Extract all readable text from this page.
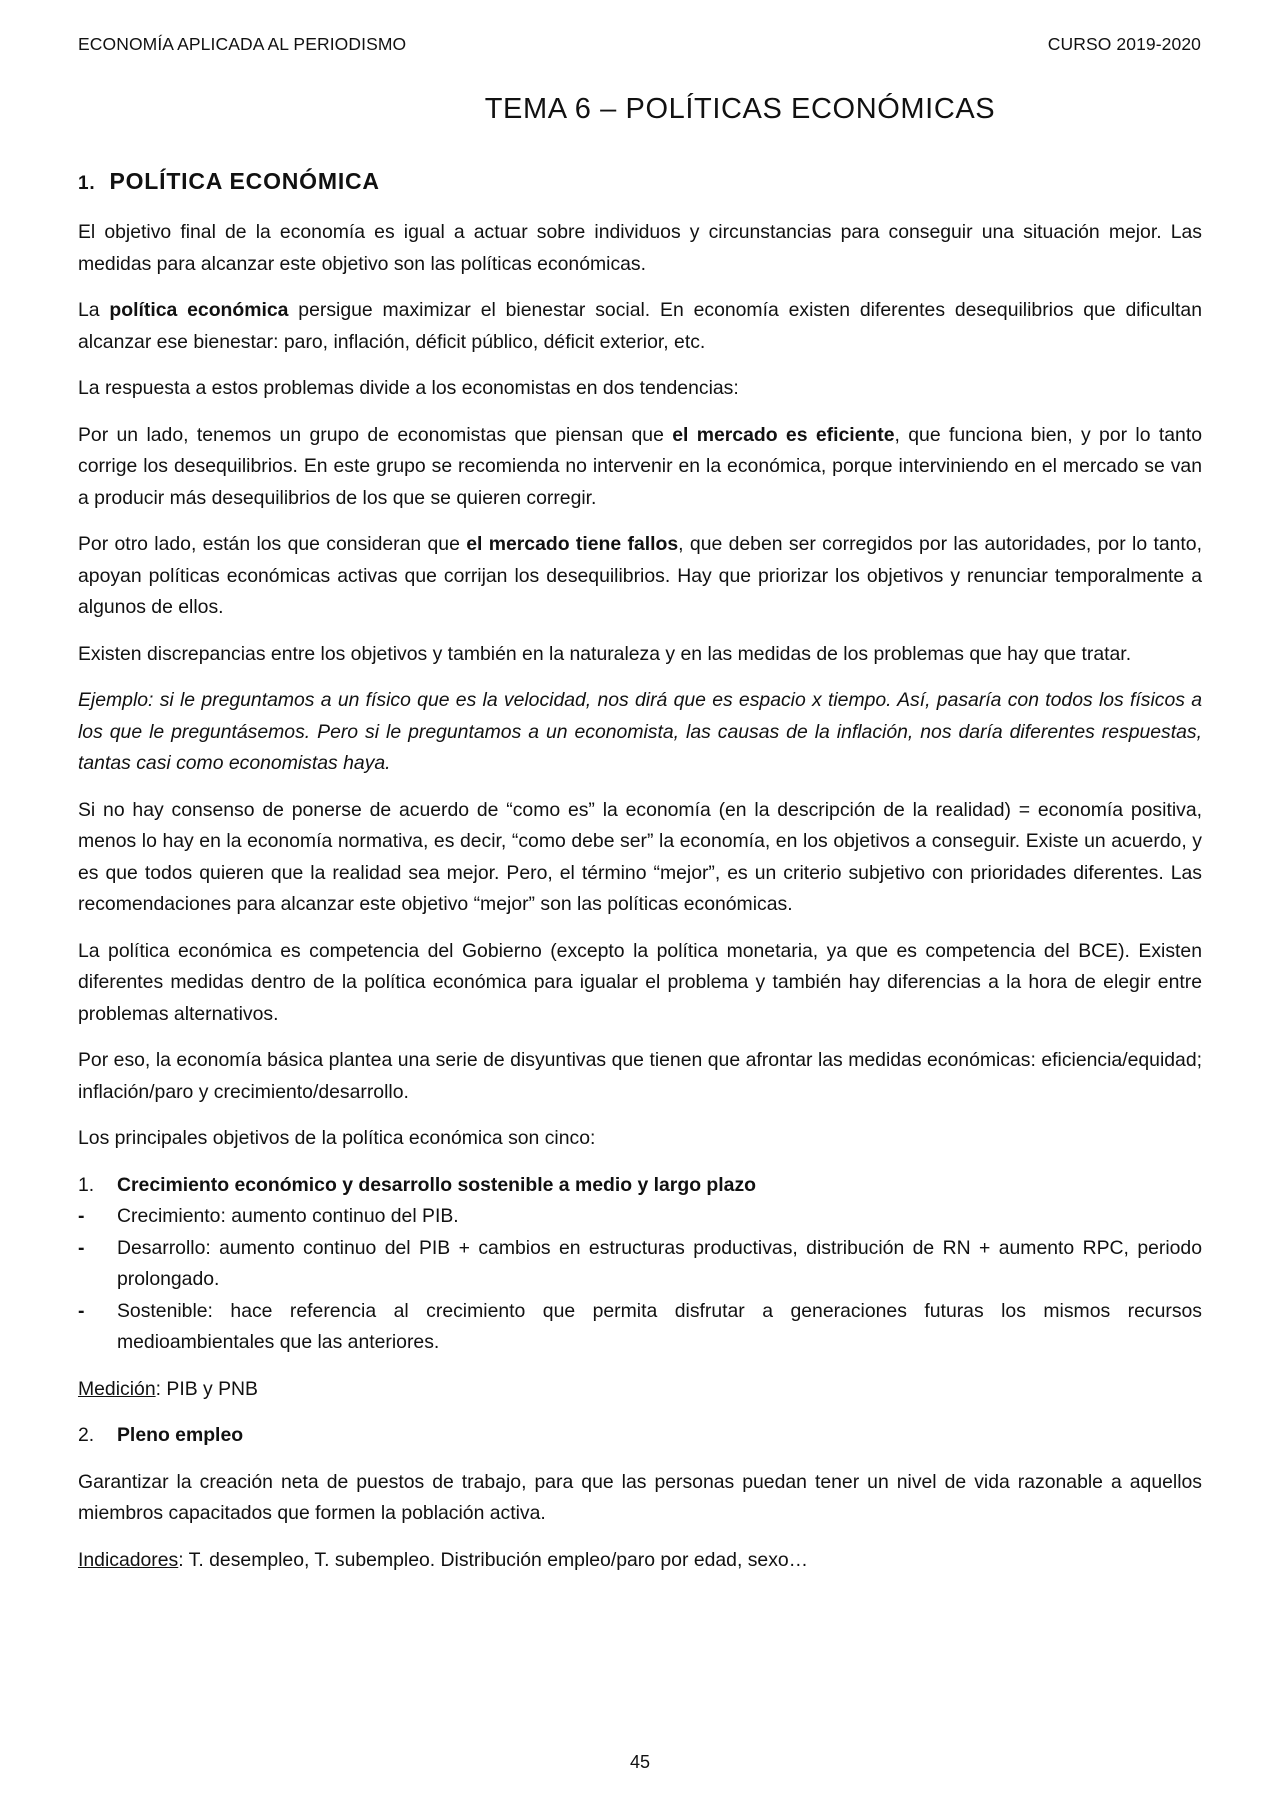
ECONOMÍA APLICADA AL PERIODISMO	CURSO 2019-2020
TEMA 6 – POLÍTICAS ECONÓMICAS
1. POLÍTICA ECONÓMICA

El objetivo final de la economía es igual a actuar sobre individuos y circunstancias para conseguir una situación mejor. Las medidas para alcanzar este objetivo son las políticas económicas.

La política económica persigue maximizar el bienestar social. En economía existen diferentes desequilibrios que dificultan alcanzar ese bienestar: paro, inflación, déficit público, déficit exterior, etc.

La respuesta a estos problemas divide a los economistas en dos tendencias:

Por un lado, tenemos un grupo de economistas que piensan que el mercado es eficiente, que funciona bien, y por lo tanto corrige los desequilibrios. En este grupo se recomienda no intervenir en la económica, porque interviniendo en el mercado se van a producir más desequilibrios de los que se quieren corregir.

Por otro lado, están los que consideran que el mercado tiene fallos, que deben ser corregidos por las autoridades, por lo tanto, apoyan políticas económicas activas que corrijan los desequilibrios. Hay que priorizar los objetivos y renunciar temporalmente a algunos de ellos.

Existen discrepancias entre los objetivos y también en la naturaleza y en las medidas de los problemas que hay que tratar.

Ejemplo: si le preguntamos a un físico que es la velocidad, nos dirá que es espacio x tiempo. Así, pasaría con todos los físicos a los que le preguntásemos. Pero si le preguntamos a un economista, las causas de la inflación, nos daría diferentes respuestas, tantas casi como economistas haya.

Si no hay consenso de ponerse de acuerdo de “como es” la economía (en la descripción de la realidad) = economía positiva, menos lo hay en la economía normativa, es decir, “como debe ser” la economía, en los objetivos a conseguir. Existe un acuerdo, y es que todos quieren que la realidad sea mejor. Pero, el término “mejor”, es un criterio subjetivo con prioridades diferentes. Las recomendaciones para alcanzar este objetivo “mejor” son las políticas económicas.

La política económica es competencia del Gobierno (excepto la política monetaria, ya que es competencia del BCE). Existen diferentes medidas dentro de la política económica para igualar el problema y también hay diferencias a la hora de elegir entre problemas alternativos.

Por eso, la economía básica plantea una serie de disyuntivas que tienen que afrontar las medidas económicas: eficiencia/equidad; inflación/paro y crecimiento/desarrollo.

Los principales objetivos de la política económica son cinco:

1.	Crecimiento económico y desarrollo sostenible a medio y largo plazo
-	Crecimiento: aumento continuo del PIB.
-	Desarrollo: aumento continuo del PIB + cambios en estructuras productivas, distribución de RN + aumento RPC, periodo prolongado.
-	Sostenible: hace referencia al crecimiento que permita disfrutar a generaciones futuras los mismos recursos medioambientales que las anteriores.

Medición: PIB y PNB

2.	Pleno empleo

Garantizar la creación neta de puestos de trabajo, para que las personas puedan tener un nivel de vida razonable a aquellos miembros capacitados que formen la población activa.

Indicadores: T. desempleo, T. subempleo. Distribución empleo/paro por edad, sexo…

45
